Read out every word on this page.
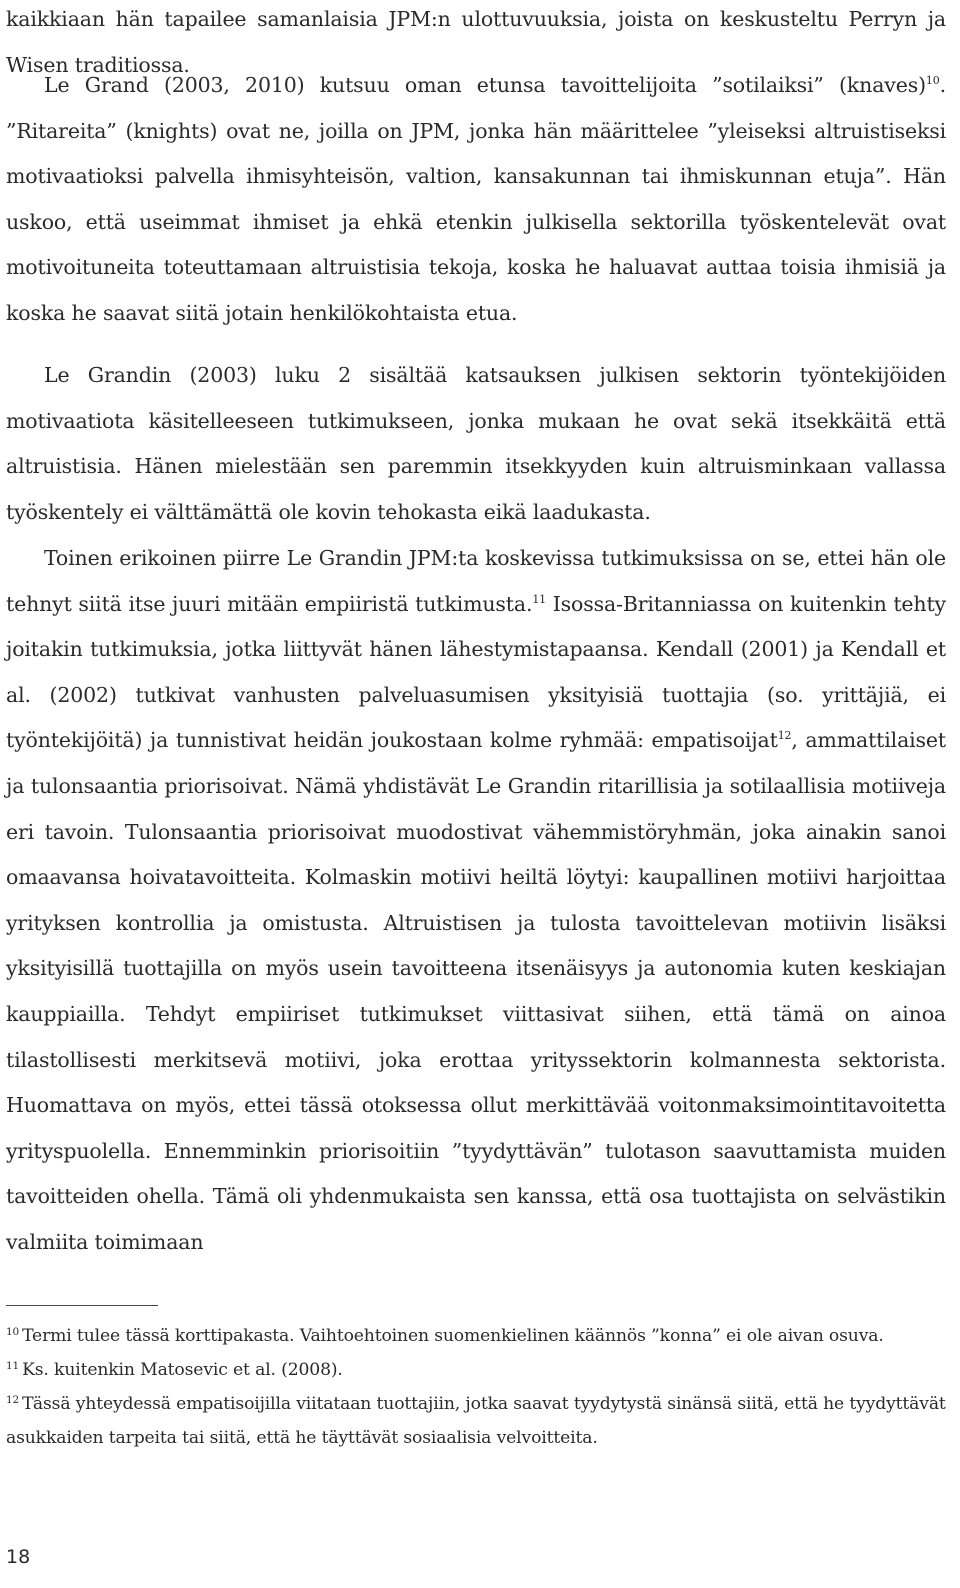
kaikkiaan hän tapailee samanlaisia JPM:n ulottuvuuksia, joista on keskusteltu Perryn ja Wisen traditiossa.

Le Grand (2003, 2010) kutsuu oman etunsa tavoittelijoita ”sotilaiksi” (knaves)$^{10}$. ”Ritareita” (knights) ovat ne, joilla on JPM, jonka hän määrittelee ”yleiseksi altruistiseksi motivaatioksi palvella ihmisyhteisön, valtion, kansakunnan tai ihmiskunnan etuja”. Hän uskoo, että useimmat ihmiset ja ehkä etenkin julkisella sektorilla työskentelevät ovat motivoituneita toteuttamaan altruistisia tekoja, koska he haluavat auttaa toisia ihmisiä ja koska he saavat siitä jotain henkilökohtaista etua.

Le Grandin (2003) luku 2 sisältää katsauksen julkisen sektorin työntekijöiden motivaatiota käsitelleeseen tutkimukseen, jonka mukaan he ovat sekä itsekkäitä että altruistisia. Hänen mielestään sen paremmin itsekkyyden kuin altruisminkaan vallassa työskentely ei välttämättä ole kovin tehokasta eikä laadukasta.

Toinen erikoinen piirre Le Grandin JPM:ta koskevissa tutkimuksissa on se, ettei hän ole tehnyt siitä itse juuri mitään empiiristä tutkimusta.$^{11}$ Isossa-Britanniassa on kuitenkin tehty joitakin tutkimuksia, jotka liittyvät hänen lähestymistapaansa. Kendall (2001) ja Kendall et al. (2002) tutkivat vanhusten palveluasumisen yksityisiä tuottajia (so. yrittäjiä, ei työntekijöitä) ja tunnistivat heidän joukostaan kolme ryhmää: empatisoijat$^{12}$, ammattilaiset ja tulonsaantia priorisoivat. Nämä yhdistävät Le Grandin ritarillisia ja sotilaallisia motiiveja eri tavoin. Tulonsaantia priorisoivat muodostivat vähemmistöryhmän, joka ainakin sanoi omaavansa hoivatavoitteita. Kolmaskin motiivi heiltä löytyi: kaupallinen motiivi harjoittaa yrityksen kontrollia ja omistusta. Altruistisen ja tulosta tavoittelevan motiivin lisäksi yksityisillä tuottajilla on myös usein tavoitteena itsenäisyys ja autonomia kuten keskiajan kauppiailla. Tehdyt empiiriset tutkimukset viittasivat siihen, että tämä on ainoa tilastollisesti merkitsevä motiivi, joka erottaa yrityssektorin kolmannesta sektorista. Huomattava on myös, ettei tässä otoksessa ollut merkittävää voitonmaksimointitavoitetta yrityspuolella. Ennemminkin priorisoitiin ”tyydyttävän” tulotason saavuttamista muiden tavoitteiden ohella. Tämä oli yhdenmukaista sen kanssa, että osa tuottajista on selvästikin valmiita toimimaan

$^{10}$ Termi tulee tässä korttipakasta. Vaihtoehtoinen suomenkielinen käännös ”konna” ei ole aivan osuva.

$^{11}$ Ks. kuitenkin Matosevic et al. (2008).

$^{12}$ Tässä yhteydessä empatisoijilla viitataan tuottajiin, jotka saavat tyydytystä sinänsä siitä, että he tyydyttävät asukkaiden tarpeita tai siitä, että he täyttävät sosiaalisia velvoitteita.

18
